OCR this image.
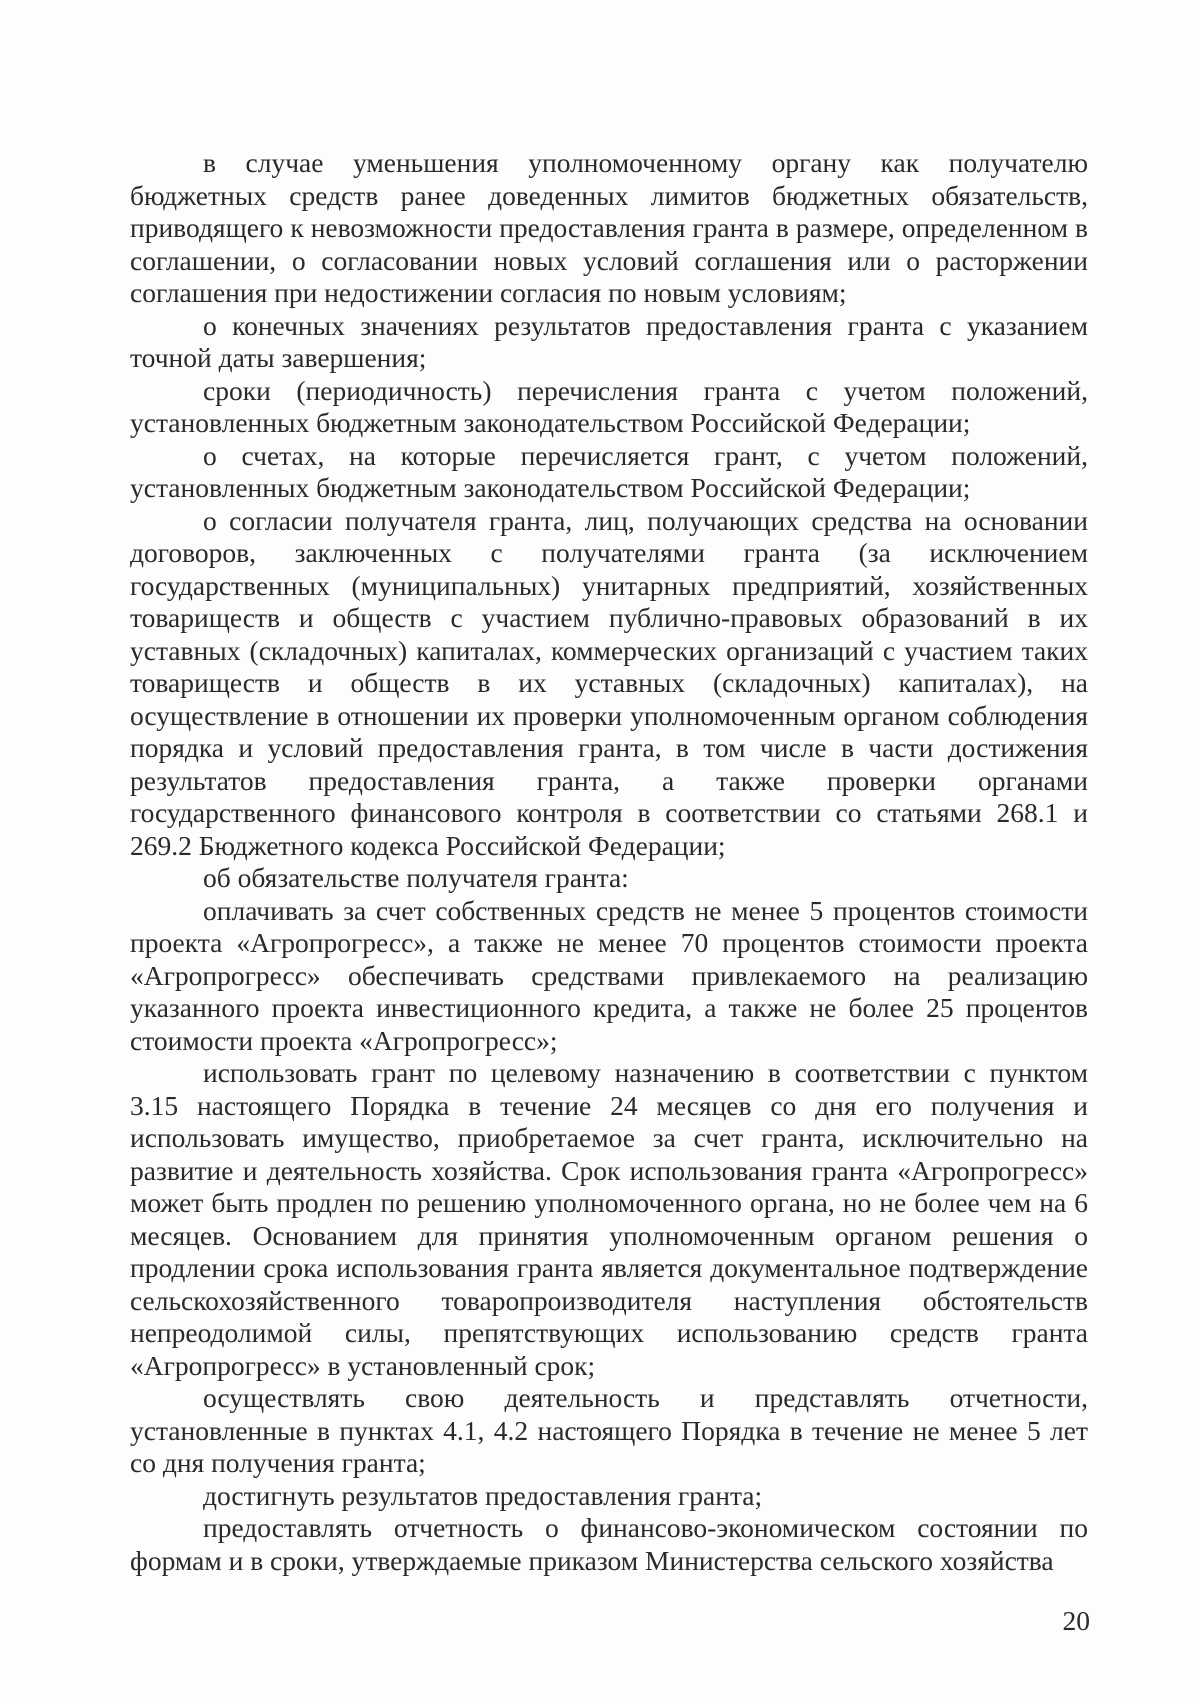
в случае уменьшения уполномоченному органу как получателю бюджетных средств ранее доведенных лимитов бюджетных обязательств, приводящего к невозможности предоставления гранта в размере, определенном в соглашении, о согласовании новых условий соглашения или о расторжении соглашения при недостижении согласия по новым условиям;

о конечных значениях результатов предоставления гранта с указанием точной даты завершения;

сроки (периодичность) перечисления гранта с учетом положений, установленных бюджетным законодательством Российской Федерации;

о счетах, на которые перечисляется грант, с учетом положений, установленных бюджетным законодательством Российской Федерации;

о согласии получателя гранта, лиц, получающих средства на основании договоров, заключенных с получателями гранта (за исключением государственных (муниципальных) унитарных предприятий, хозяйственных товариществ и обществ с участием публично-правовых образований в их уставных (складочных) капиталах, коммерческих организаций с участием таких товариществ и обществ в их уставных (складочных) капиталах), на осуществление в отношении их проверки уполномоченным органом соблюдения порядка и условий предоставления гранта, в том числе в части достижения результатов предоставления гранта, а также проверки органами государственного финансового контроля в соответствии со статьями 268.1 и 269.2 Бюджетного кодекса Российской Федерации;

об обязательстве получателя гранта:

оплачивать за счет собственных средств не менее 5 процентов стоимости проекта «Агропрогресс», а также не менее 70 процентов стоимости проекта «Агропрогресс» обеспечивать средствами привлекаемого на реализацию указанного проекта инвестиционного кредита, а также не более 25 процентов стоимости проекта «Агропрогресс»;

использовать грант по целевому назначению в соответствии с пунктом 3.15 настоящего Порядка в течение 24 месяцев со дня его получения и использовать имущество, приобретаемое за счет гранта, исключительно на развитие и деятельность хозяйства. Срок использования гранта «Агропрогресс» может быть продлен по решению уполномоченного органа, но не более чем на 6 месяцев. Основанием для принятия уполномоченным органом решения о продлении срока использования гранта является документальное подтверждение сельскохозяйственного товаропроизводителя наступления обстоятельств непреодолимой силы, препятствующих использованию средств гранта «Агропрогресс» в установленный срок;

осуществлять свою деятельность и представлять отчетности, установленные в пунктах 4.1, 4.2 настоящего Порядка в течение не менее 5 лет со дня получения гранта;

достигнуть результатов предоставления гранта;

предоставлять отчетность о финансово-экономическом состоянии по формам и в сроки, утверждаемые приказом Министерства сельского хозяйства

20
